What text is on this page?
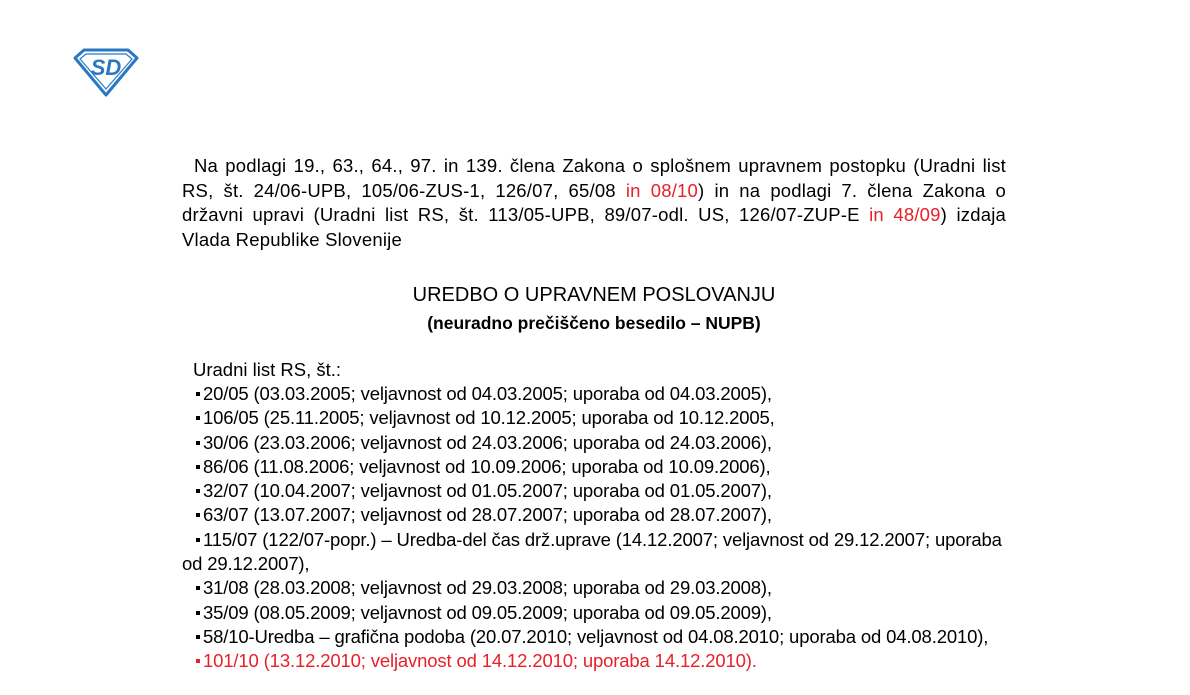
SD
Na podlagi 19., 63., 64., 97. in 139. člena Zakona o splošnem upravnem postopku (Uradni list RS, št. 24/06-UPB, 105/06-ZUS-1, 126/07, 65/08 in 08/10) in na podlagi 7. člena Zakona o državni upravi (Uradni list RS, št. 113/05-UPB, 89/07-odl. US, 126/07-ZUP-E in 48/09) izdaja Vlada Republike Slovenije
UREDBO O UPRAVNEM POSLOVANJU
(neuradno prečiščeno besedilo – NUPB)
Uradni list RS, št.:
20/05 (03.03.2005; veljavnost od 04.03.2005; uporaba od 04.03.2005),
106/05 (25.11.2005; veljavnost od 10.12.2005; uporaba od 10.12.2005,
30/06 (23.03.2006; veljavnost od 24.03.2006; uporaba od 24.03.2006),
86/06 (11.08.2006; veljavnost od 10.09.2006; uporaba od 10.09.2006),
32/07 (10.04.2007; veljavnost od 01.05.2007; uporaba od 01.05.2007),
63/07 (13.07.2007; veljavnost od 28.07.2007; uporaba od 28.07.2007),
115/07 (122/07-popr.) – Uredba-del čas drž.uprave (14.12.2007; veljavnost od 29.12.2007; uporaba od 29.12.2007),
31/08 (28.03.2008; veljavnost od 29.03.2008; uporaba od 29.03.2008),
35/09 (08.05.2009; veljavnost od 09.05.2009; uporaba od 09.05.2009),
58/10-Uredba – grafična podoba (20.07.2010; veljavnost od 04.08.2010; uporaba od 04.08.2010),
101/10 (13.12.2010; veljavnost od 14.12.2010; uporaba 14.12.2010).
